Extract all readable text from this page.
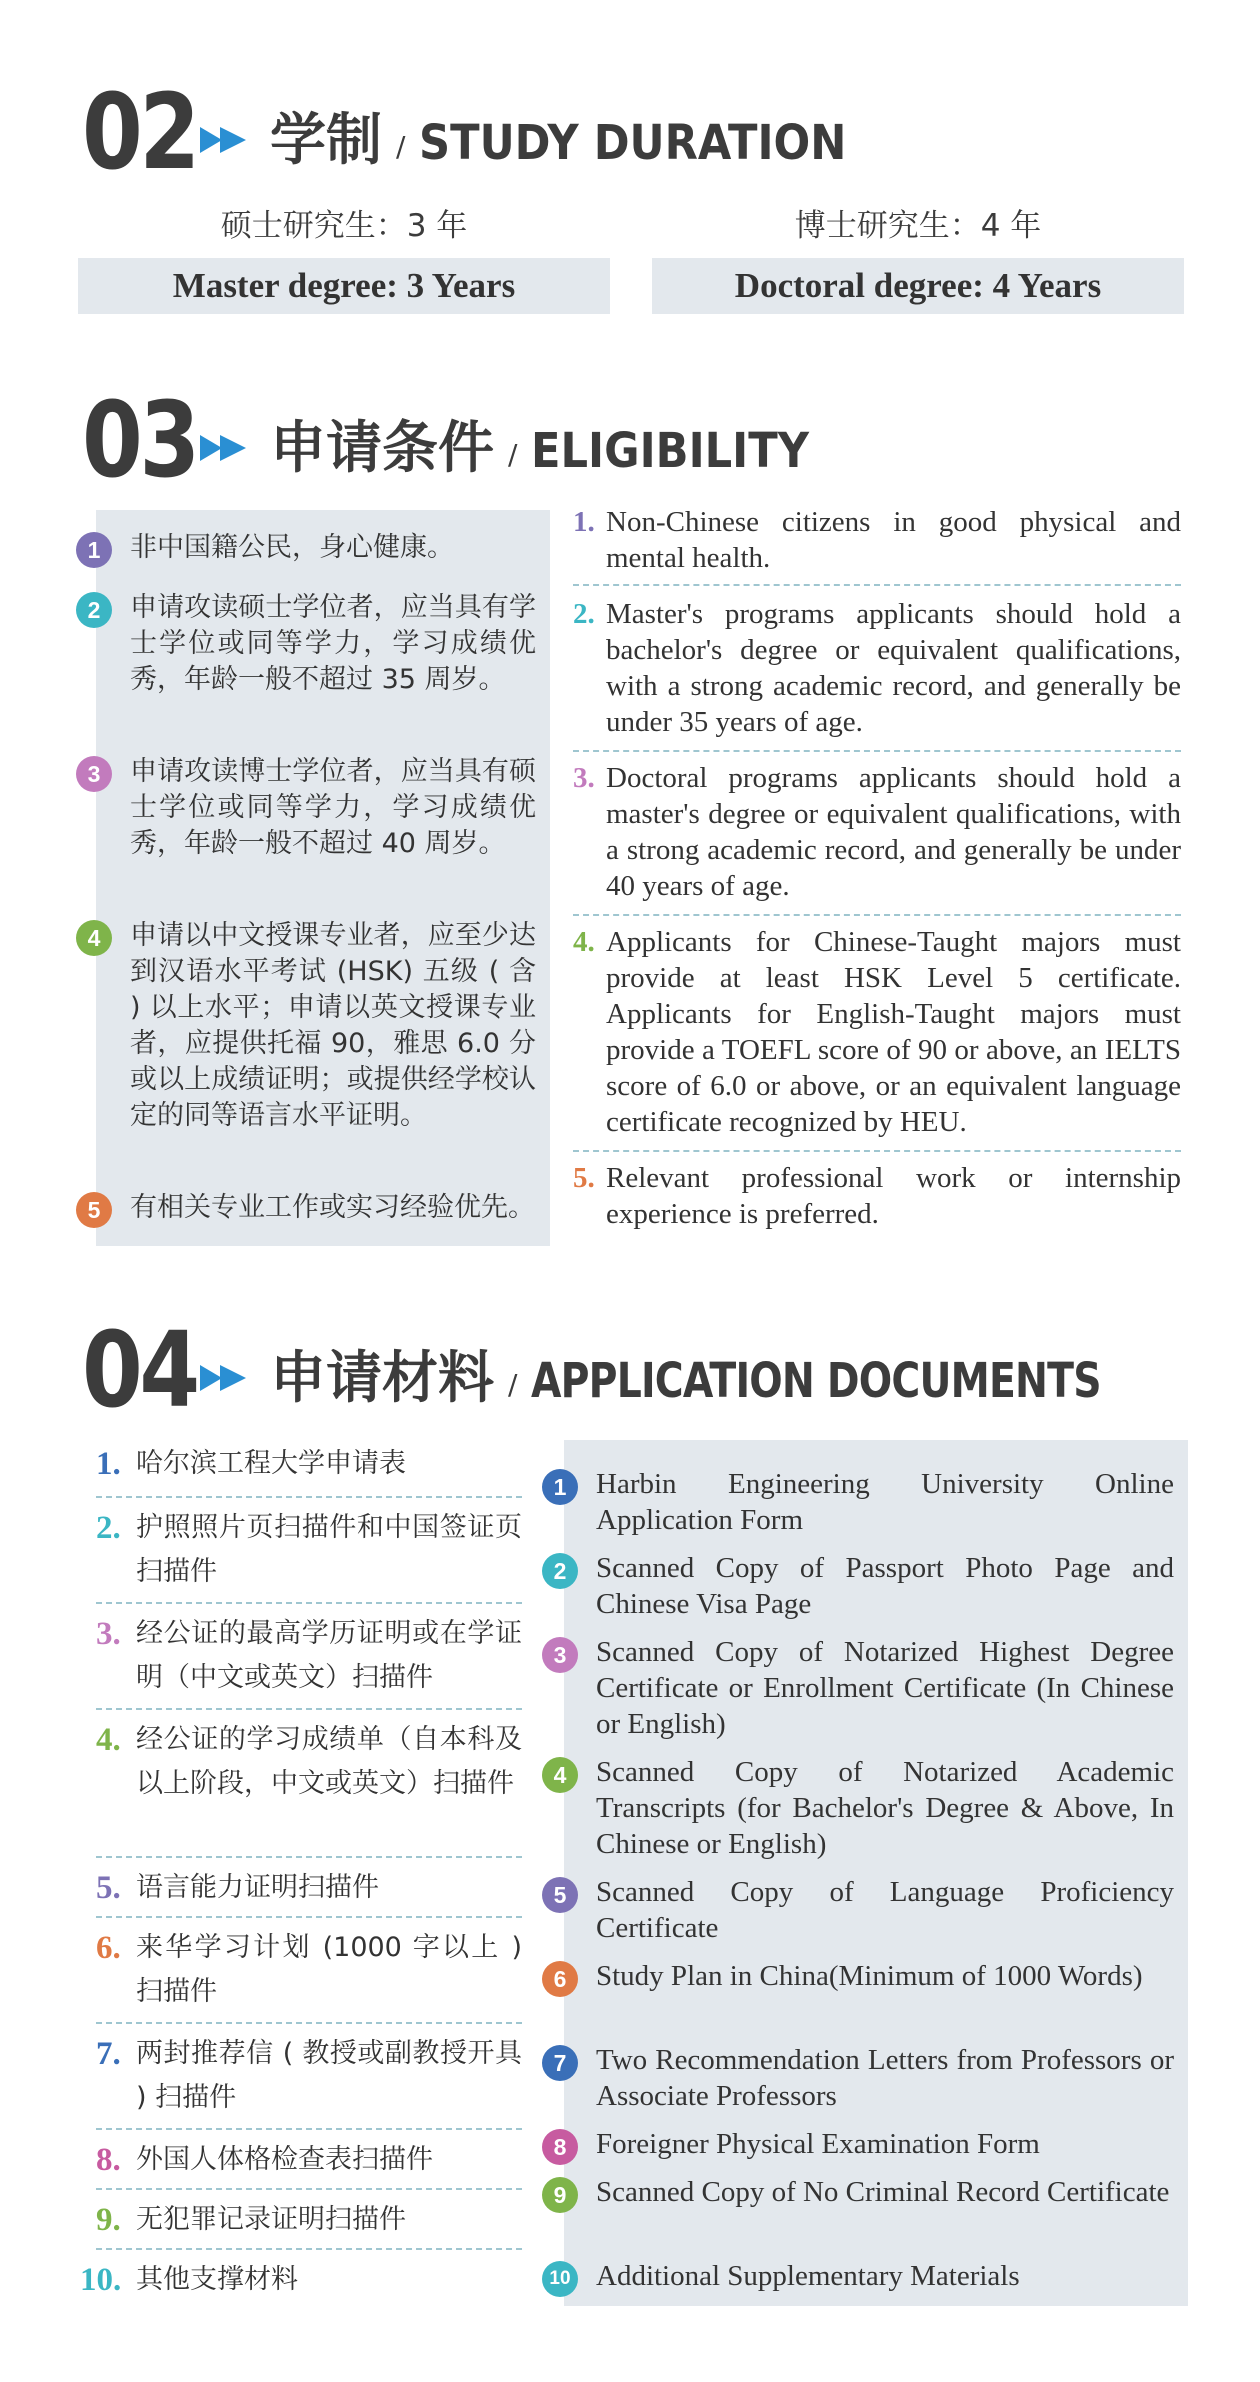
02 学制 / STUDY DURATION
硕士研究生：3 年	博士研究生：4 年
Master degree: 3 Years	Doctoral degree: 4 Years
03 申请条件 / ELIGIBILITY
1	非中国籍公民，身心健康。
2	申请攻读硕士学位者，应当具有学士学位或同等学力，学习成绩优秀，年龄一般不超过 35 周岁。
3	申请攻读博士学位者，应当具有硕士学位或同等学力，学习成绩优秀，年龄一般不超过 40 周岁。
4	申请以中文授课专业者，应至少达到汉语水平考试 (HSK) 五级 ( 含 ) 以上水平；申请以英文授课专业者，应提供托福 90，雅思 6.0 分或以上成绩证明；或提供经学校认定的同等语言水平证明。
5	有相关专业工作或实习经验优先。
1. Non-Chinese citizens in good physical and mental health.
2. Master's programs applicants should hold a bachelor's degree or equivalent qualifications, with a strong academic record, and generally be under 35 years of age.
3. Doctoral programs applicants should hold a master's degree or equivalent qualifications, with a strong academic record, and generally be under 40 years of age.
4. Applicants for Chinese-Taught majors must provide at least HSK Level 5 certificate. Applicants for English-Taught majors must provide a TOEFL score of 90 or above, an IELTS score of 6.0 or above, or an equivalent language certificate recognized by HEU.
5. Relevant professional work or internship experience is preferred.
04 申请材料 / APPLICATION DOCUMENTS
1. 哈尔滨工程大学申请表
2. 护照照片页扫描件和中国签证页扫描件
3. 经公证的最高学历证明或在学证明（中文或英文）扫描件
4. 经公证的学习成绩单（自本科及以上阶段，中文或英文）扫描件
5. 语言能力证明扫描件
6. 来华学习计划 (1000 字以上 ) 扫描件
7. 两封推荐信 ( 教授或副教授开具 ) 扫描件
8. 外国人体格检查表扫描件
9. 无犯罪记录证明扫描件
10. 其他支撑材料
1	Harbin Engineering University Online Application Form
2	Scanned Copy of Passport Photo Page and Chinese Visa Page
3	Scanned Copy of Notarized Highest Degree Certificate or Enrollment Certificate (In Chinese or English)
4	Scanned Copy of Notarized Academic Transcripts (for Bachelor's Degree & Above, In Chinese or English)
5	Scanned Copy of Language Proficiency Certificate
6	Study Plan in China(Minimum of 1000 Words)
7	Two Recommendation Letters from Professors or Associate Professors
8	Foreigner Physical Examination Form
9	Scanned Copy of No Criminal Record Certificate
10 Additional Supplementary Materials
